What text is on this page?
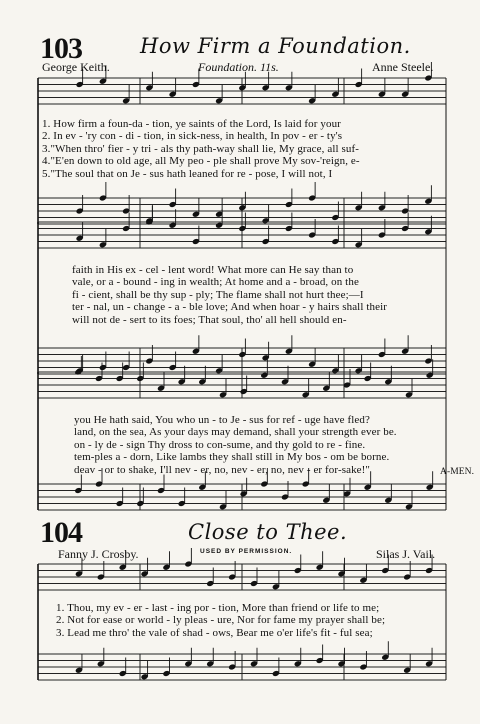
103	How Firm a Foundation.
George Keith.	Foundation. 11s.	Anne Steele.
1. How firm a foun-da - tion, ye saints of the Lord, Is laid for your
2. In ev - 'ry con - di - tion, in sick-ness, in health, In pov - er - ty's
3."When thro' fier - y tri - als thy path-way shall lie, My grace, all suf-
4."E'en down to old age, all My peo - ple shall prove My sov-'reign, e-
5."The soul that on Je - sus hath leaned for re - pose, I will not, I
faith in His ex - cel - lent word! What more can He say than to
vale, or a - bound - ing in wealth; At home and a - broad, on the
fi - cient, shall be thy sup - ply; The flame shall not hurt thee;—I
ter - nal, un - change - a - ble love; And when hoar - y hairs shall their
will not de - sert to its foes; That soul, tho' all hell should en-
you He hath said, You who un - to Je - sus for ref - uge have fled?
land, on the sea, As your days may demand, shall your strength ever be.
on - ly de - sign Thy dross to con-sume, and thy gold to re - fine.
tem-ples a - dorn, Like lambs they shall still in My bos - om be borne.
deav - or to shake, I'll nev - er, no, nev - er, no, nev - er for-sake!"	A-MEN.
104	Close to Thee.
USED BY PERMISSION.
Fanny J. Crosby.	Silas J. Vail.
1. Thou, my ev - er - last - ing por - tion, More than friend or life to me;
2. Not for ease or world - ly pleas - ure, Nor for fame my prayer shall be;
3. Lead me thro' the vale of shad - ows, Bear me o'er life's fit - ful sea;
